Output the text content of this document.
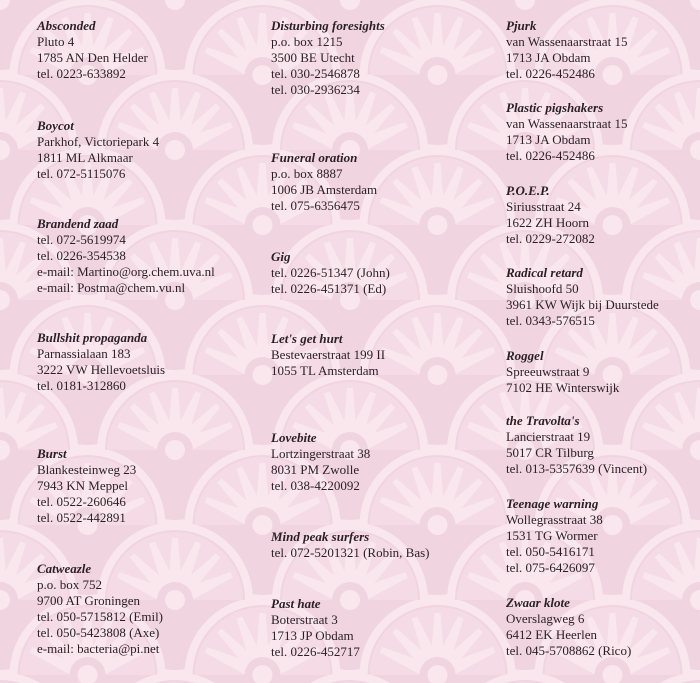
Absconded
Pluto 4
1785 AN Den Helder
tel. 0223-633892
Boycot
Parkhof, Victoriepark 4
1811 ML Alkmaar
tel. 072-5115076
Brandend zaad
tel. 072-5619974
tel. 0226-354538
e-mail: Martino@org.chem.uva.nl
e-mail: Postma@chem.vu.nl
Bullshit propaganda
Parnassialaan 183
3222 VW Hellevoetsluis
tel. 0181-312860
Burst
Blankesteinweg 23
7943 KN Meppel
tel. 0522-260646
tel. 0522-442891
Catweazle
p.o. box 752
9700 AT Groningen
tel. 050-5715812 (Emil)
tel. 050-5423808 (Axe)
e-mail: bacteria@pi.net
Disturbing foresights
p.o. box 1215
3500 BE Utecht
tel. 030-2546878
tel. 030-2936234
Funeral oration
p.o. box 8887
1006 JB Amsterdam
tel. 075-6356475
Gig
tel. 0226-51347 (John)
tel. 0226-451371 (Ed)
Let's get hurt
Bestevaerstraat 199 II
1055 TL Amsterdam
Lovebite
Lortzingerstraat 38
8031 PM Zwolle
tel. 038-4220092
Mind peak surfers
tel. 072-5201321 (Robin, Bas)
Past hate
Boterstraat 3
1713 JP Obdam
tel. 0226-452717
Pjurk
van Wassenaarstraat 15
1713 JA Obdam
tel. 0226-452486
Plastic pigshakers
van Wassenaarstraat 15
1713 JA Obdam
tel. 0226-452486
P.O.E.P.
Siriusstraat 24
1622 ZH Hoorn
tel. 0229-272082
Radical retard
Sluishoofd 50
3961 KW Wijk bij Duurstede
tel. 0343-576515
Roggel
Spreeuwstraat 9
7102 HE Winterswijk
the Travolta's
Lancierstraat 19
5017 CR Tilburg
tel. 013-5357639 (Vincent)
Teenage warning
Wollegrasstraat 38
1531 TG Wormer
tel. 050-5416171
tel. 075-6426097
Zwaar klote
Overslagweg 6
6412 EK Heerlen
tel. 045-5708862 (Rico)
